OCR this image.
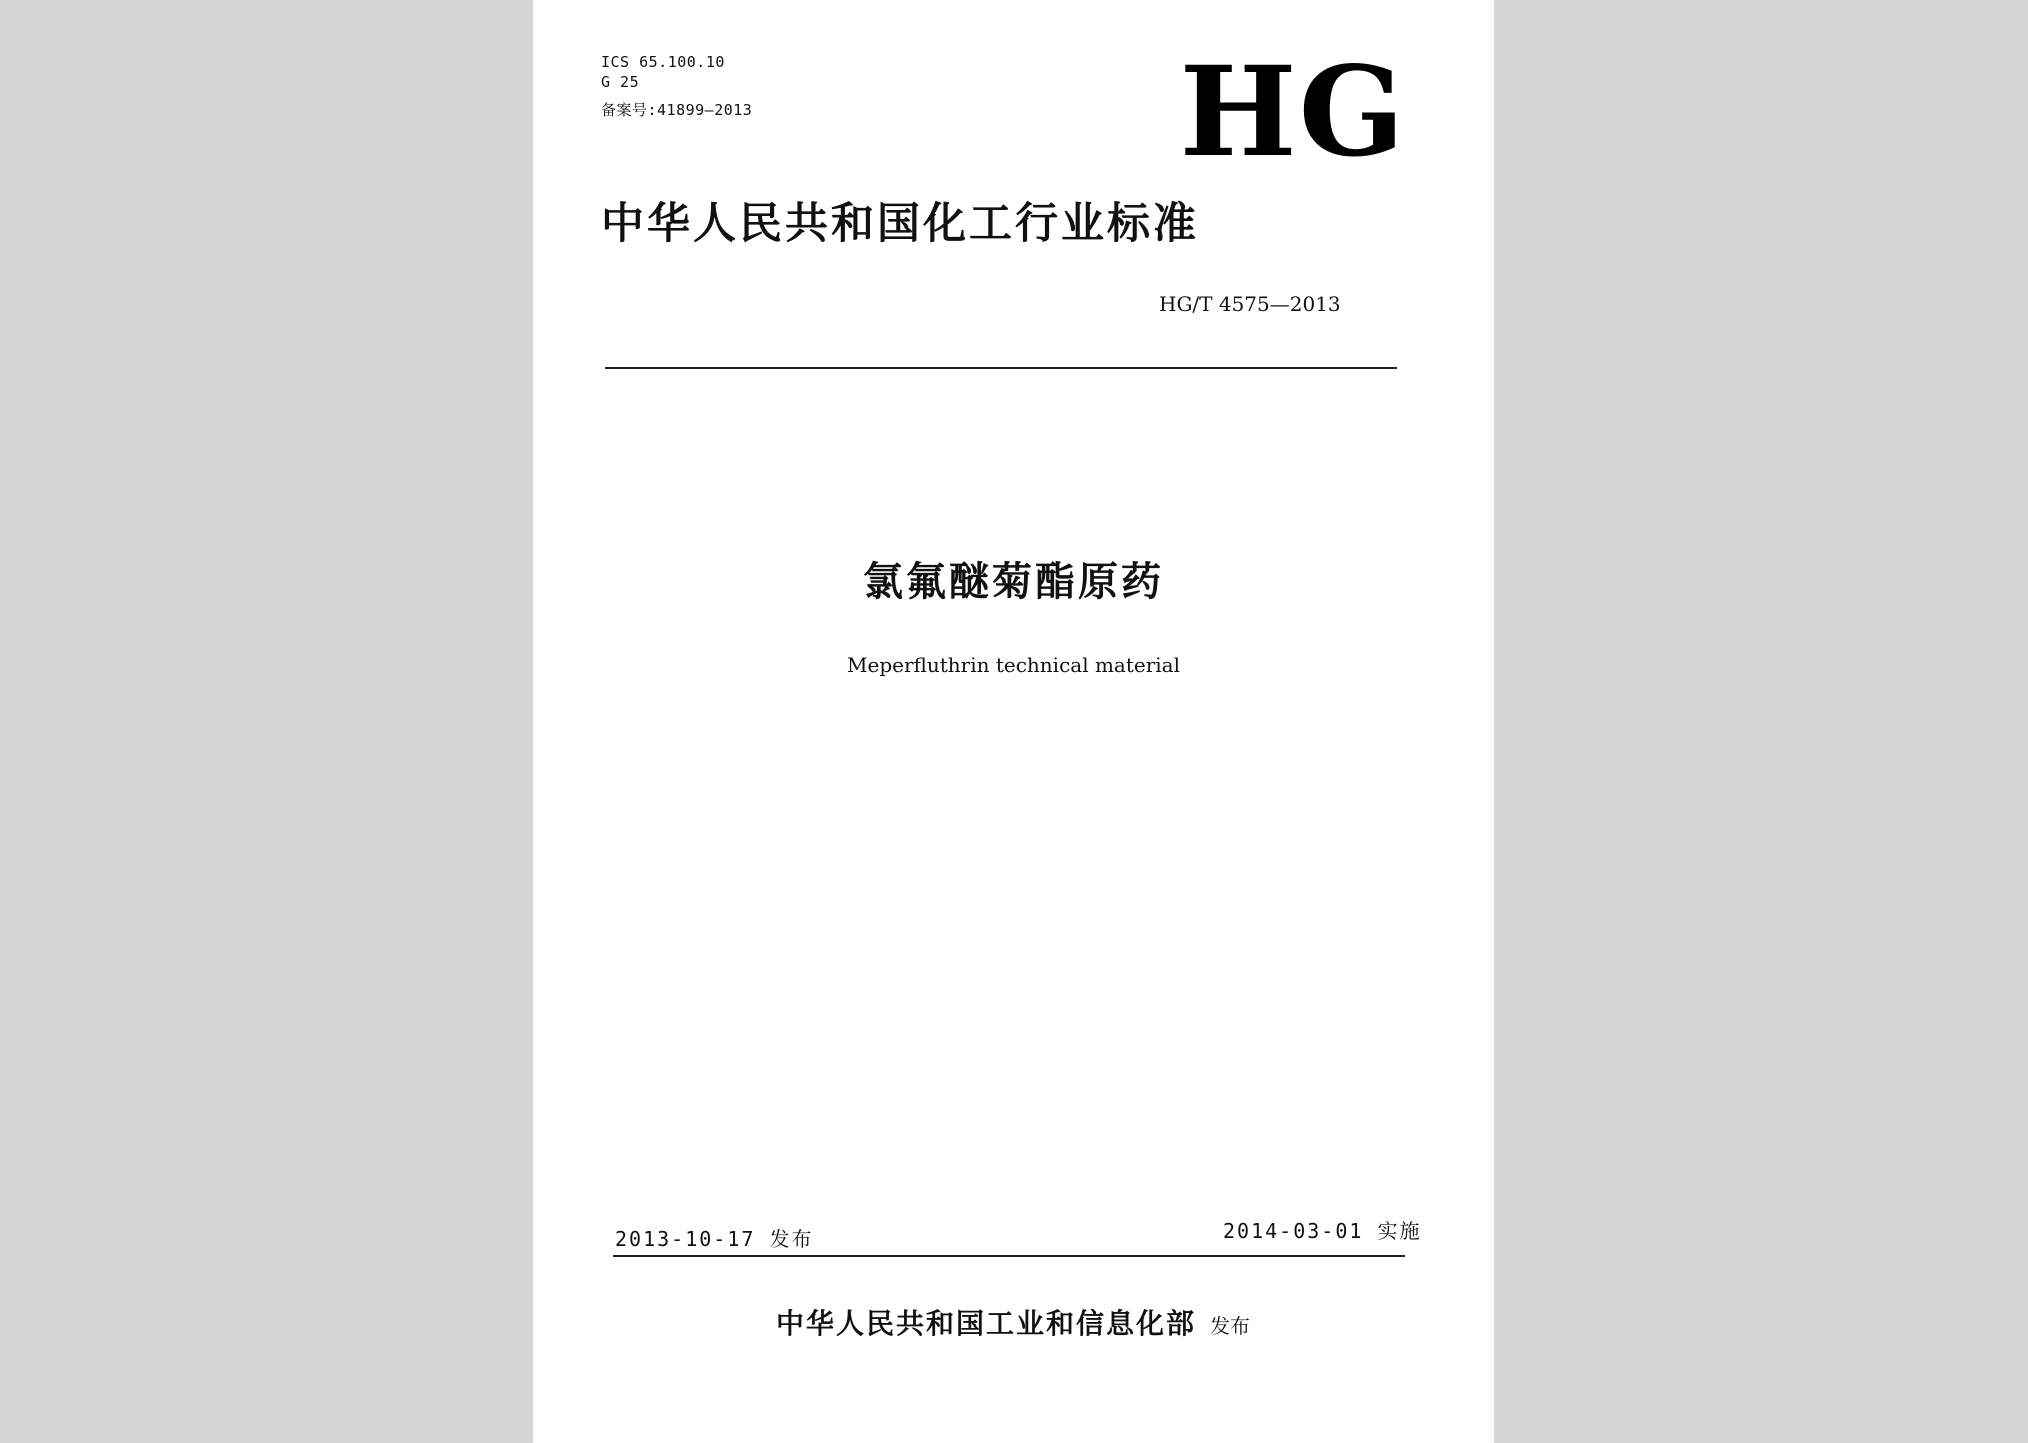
ICS 65.100.10

G 25

备案号:41899—2013	HG
中华人民共和国化工行业标准

HG/T 4575—2013

氯氟醚菊酯原药

Meperfluthrin technical material

2013-10-17 发布	2014-03-01 实施

中华人民共和国工业和信息化部 发布
